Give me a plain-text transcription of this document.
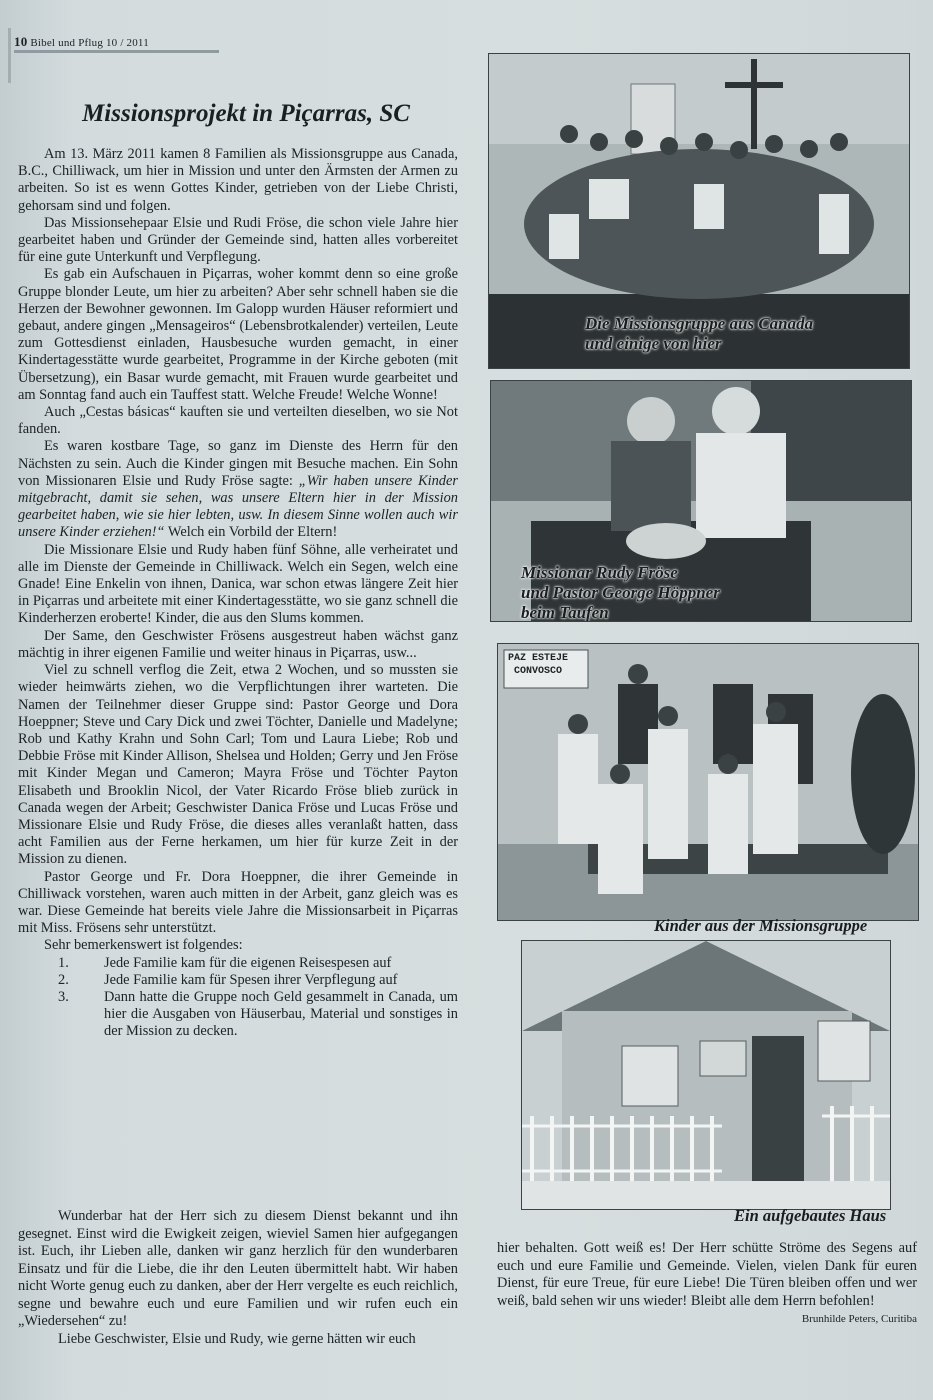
10 Bibel und Pflug 10 / 2011
Missionsprojekt in Piçarras, SC

Am 13. März 2011 kamen 8 Familien als Missionsgruppe aus Canada, B.C., Chilliwack, um hier in Mission und unter den Ärmsten der Armen zu arbeiten. So ist es wenn Gottes Kinder, getrieben von der Liebe Christi, gehorsam sind und folgen.

Das Missionsehepaar Elsie und Rudi Fröse, die schon viele Jahre hier gearbeitet haben und Gründer der Gemeinde sind, hatten alles vorbereitet für eine gute Unterkunft und Verpflegung.

Es gab ein Aufschauen in Piçarras, woher kommt denn so eine große Gruppe blonder Leute, um hier zu arbeiten? Aber sehr schnell haben sie die Herzen der Bewohner gewonnen. Im Galopp wurden Häuser reformiert und gebaut, andere gingen „Mensageiros“ (Lebensbrotkalender) verteilen, Leute zum Gottesdienst einladen, Hausbesuche wurden gemacht, in einer Kindertagesstätte wurde gearbeitet, Programme in der Kirche geboten (mit Übersetzung), ein Basar wurde gemacht, mit Frauen wurde gearbeitet und am Sonntag fand auch ein Tauffest statt. Welche Freude! Welche Wonne!

Auch „Cestas básicas“ kauften sie und verteilten dieselben, wo sie Not fanden.

Es waren kostbare Tage, so ganz im Dienste des Herrn für den Nächsten zu sein. Auch die Kinder gingen mit Besuche machen. Ein Sohn von Missionaren Elsie und Rudy Fröse sagte: „Wir haben unsere Kinder mitgebracht, damit sie sehen, was unsere Eltern hier in der Mission gearbeitet haben, wie sie hier lebten, usw. In diesem Sinne wollen auch wir unsere Kinder erziehen!“ Welch ein Vorbild der Eltern!

Die Missionare Elsie und Rudy haben fünf Söhne, alle verheiratet und alle im Dienste der Gemeinde in Chilliwack. Welch ein Segen, welch eine Gnade! Eine Enkelin von ihnen, Danica, war schon etwas längere Zeit hier in Piçarras und arbeitete mit einer Kindertagesstätte, wo sie ganz schnell die Kinderherzen eroberte! Kinder, die aus den Slums kommen.

Der Same, den Geschwister Frösens ausgestreut haben wächst ganz mächtig in ihrer eigenen Familie und weiter hinaus in Piçarras, usw...

Viel zu schnell verflog die Zeit, etwa 2 Wochen, und so mussten sie wieder heimwärts ziehen, wo die Verpflichtungen ihrer warteten. Die Namen der Teilnehmer dieser Gruppe sind: Pastor George und Dora Hoeppner; Steve und Cary Dick und zwei Töchter, Danielle und Madelyne; Rob und Kathy Krahn und Sohn Carl; Tom und Laura Liebe; Rob und Debbie Fröse mit Kinder Allison, Shelsea und Holden; Gerry und Jen Fröse mit Kinder Megan und Cameron; Mayra Fröse und Töchter Payton Elisabeth und Brooklin Nicol, der Vater Ricardo Fröse blieb zurück in Canada wegen der Arbeit; Geschwister Danica Fröse und Lucas Fröse und Missionare Elsie und Rudy Fröse, die dieses alles veranlaßt hatten, dass acht Familien aus der Ferne herkamen, um hier für kurze Zeit in der Mission zu dienen.

Pastor George und Fr. Dora Hoeppner, die ihrer Gemeinde in Chilliwack vorstehen, waren auch mitten in der Arbeit, ganz gleich was es war. Diese Gemeinde hat bereits viele Jahre die Missionsarbeit in Piçarras mit Miss. Frösens sehr unterstützt.

Sehr bemerkenswert ist folgendes:

1.	Jede Familie kam für die eigenen Reisespesen auf
2.	Jede Familie kam für Spesen ihrer Verpflegung auf
3.	Dann hatte die Gruppe noch Geld gesammelt in Canada, um hier die Ausgaben von Häuserbau, Material und sonstiges in der Mission zu decken.

Wunderbar hat der Herr sich zu diesem Dienst bekannt und ihn gesegnet. Einst wird die Ewigkeit zeigen, wieviel Samen hier aufgegangen ist. Euch, ihr Lieben alle, danken wir ganz herzlich für den wunderbaren Einsatz und für die Liebe, die ihr den Leuten übermittelt habt. Wir haben nicht Worte genug euch zu danken, aber der Herr vergelte es euch reichlich, segne und bewahre euch und eure Familien und wir rufen euch ein „Wiedersehen“ zu!

Liebe Geschwister, Elsie und Rudy, wie gerne hätten wir euch

hier behalten. Gott weiß es! Der Herr schütte Ströme des Segens auf euch und eure Familie und Gemeinde. Vielen, vielen Dank für euren Dienst, für eure Treue, für eure Liebe! Die Türen bleiben offen und wer weiß, bald sehen wir uns wieder! Bleibt alle dem Herrn befohlen!
Brunhilde Peters, Curitiba
Die Missionsgruppe aus Canada
und einige von hier
Missionar Rudy Fröse
und Pastor George Höppner
beim Taufen
PAZ ESTEJE
CONVOSCO
Kinder aus der Missionsgruppe
Ein aufgebautes Haus
